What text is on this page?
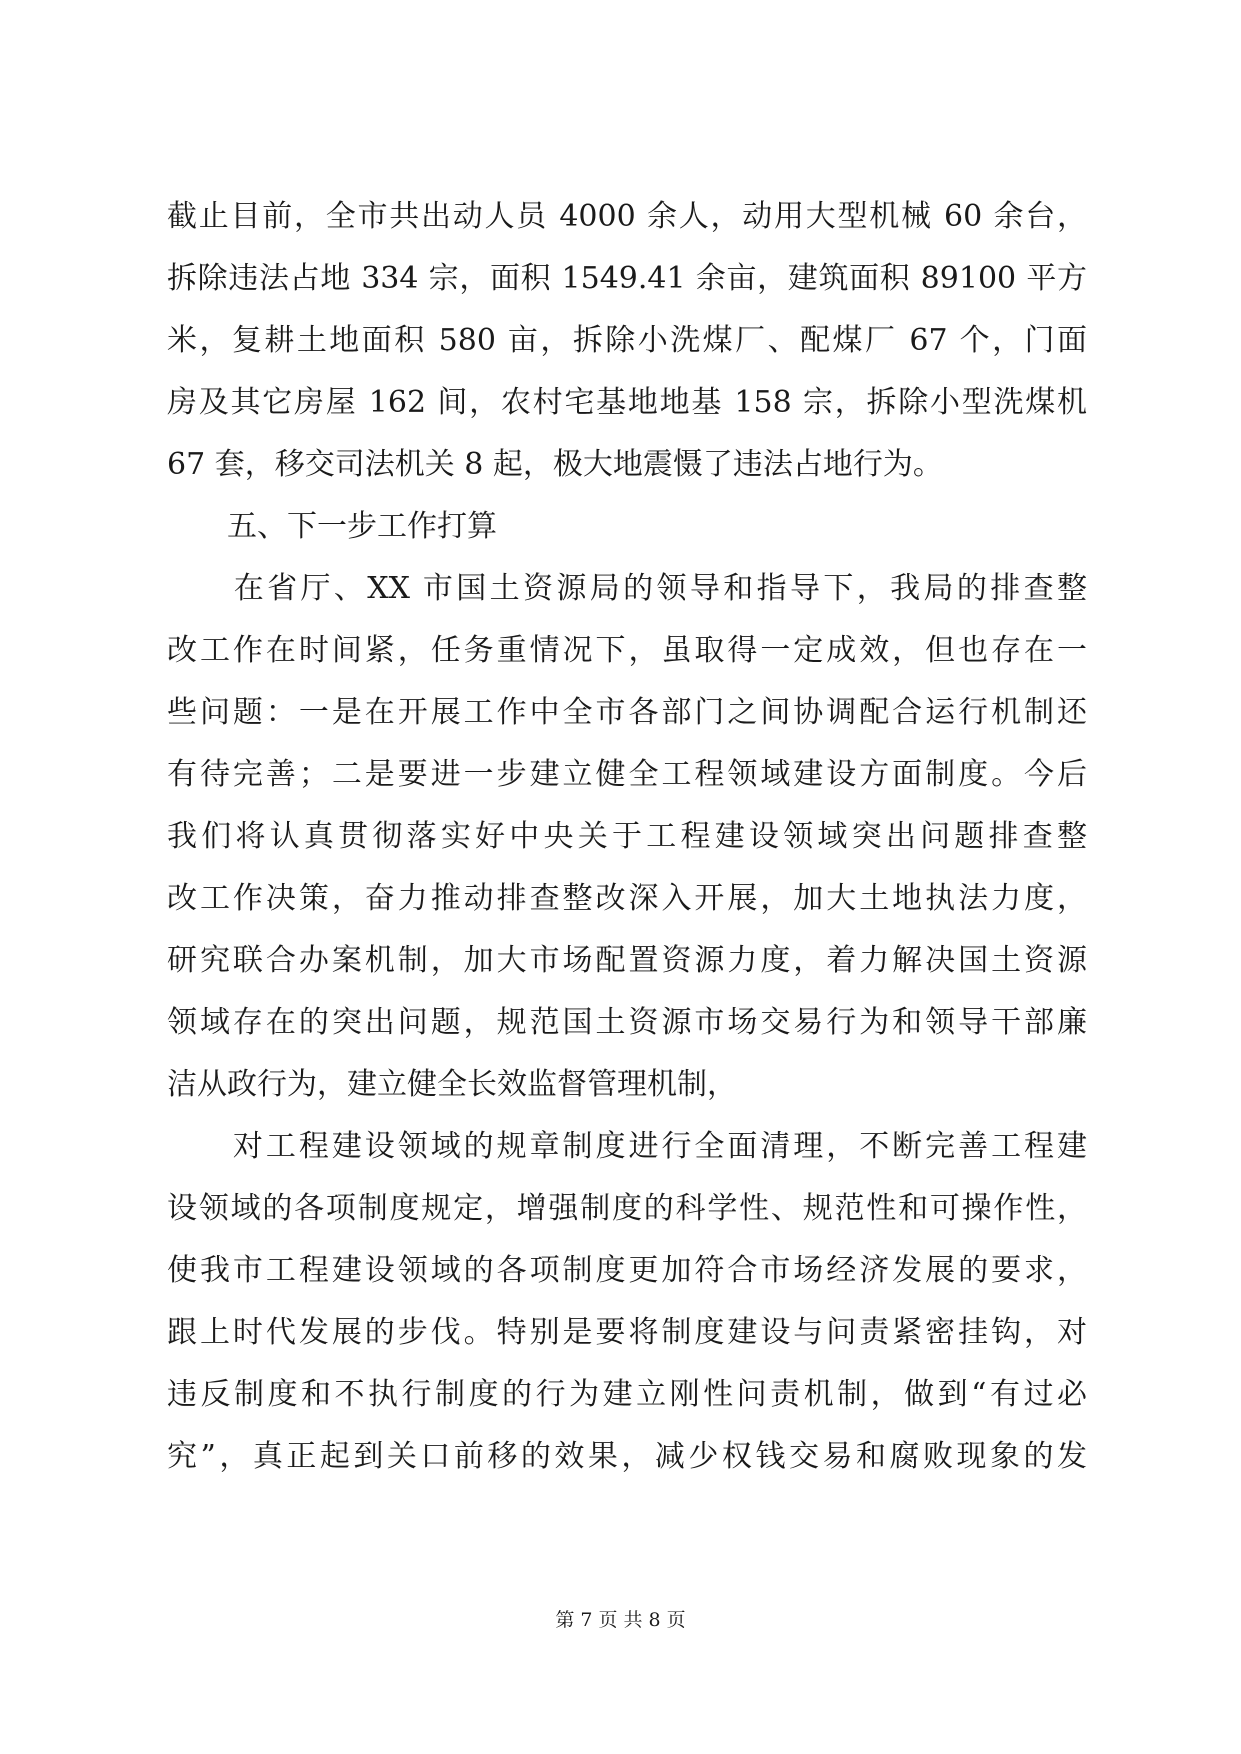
截止目前，全市共出动人员 4000 余人，动用大型机械 60 余台，
拆除违法占地 334 宗，面积 1549.41 余亩，建筑面积 89100 平方
米，复耕土地面积 580 亩，拆除小洗煤厂、配煤厂 67 个，门面
房及其它房屋 162 间，农村宅基地地基 158 宗，拆除小型洗煤机
67 套，移交司法机关 8 起，极大地震慑了违法占地行为。
　　五、下一步工作打算
　　在省厅、XX 市国土资源局的领导和指导下，我局的排查整
改工作在时间紧，任务重情况下，虽取得一定成效，但也存在一
些问题：一是在开展工作中全市各部门之间协调配合运行机制还
有待完善；二是要进一步建立健全工程领域建设方面制度。今后
我们将认真贯彻落实好中央关于工程建设领域突出问题排查整
改工作决策，奋力推动排查整改深入开展，加大土地执法力度，
研究联合办案机制，加大市场配置资源力度，着力解决国土资源
领域存在的突出问题，规范国土资源市场交易行为和领导干部廉
洁从政行为，建立健全长效监督管理机制，
　　对工程建设领域的规章制度进行全面清理，不断完善工程建
设领域的各项制度规定，增强制度的科学性、规范性和可操作性，
使我市工程建设领域的各项制度更加符合市场经济发展的要求，
跟上时代发展的步伐。特别是要将制度建设与问责紧密挂钩，对
违反制度和不执行制度的行为建立刚性问责机制，做到“有过必
究”，真正起到关口前移的效果，减少权钱交易和腐败现象的发
第 7 页 共 8 页
